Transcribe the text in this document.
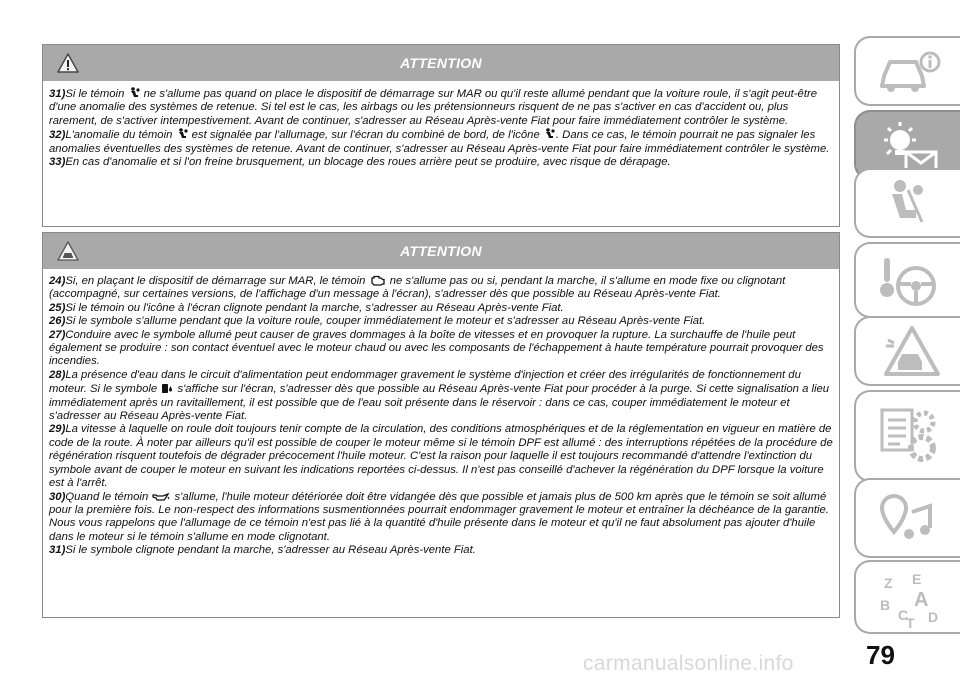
ATTENTION

31)Si le témoin  ne s'allume pas quand on place le dispositif de démarrage sur MAR ou qu'il reste allumé pendant que la voiture roule, il s'agit peut-être d'une anomalie des systèmes de retenue. Si tel est le cas, les airbags ou les prétensionneurs risquent de ne pas s'activer en cas d'accident ou, plus rarement, de s'activer intempestivement. Avant de continuer, s'adresser au Réseau Après-vente Fiat pour faire immédiatement contrôler le système.

32)L'anomalie du témoin  est signalée par l'allumage, sur l'écran du combiné de bord, de l'icône . Dans ce cas, le témoin pourrait ne pas signaler les anomalies éventuelles des systèmes de retenue. Avant de continuer, s'adresser au Réseau Après-vente Fiat pour faire immédiatement contrôler le système.

33)En cas d'anomalie et si l'on freine brusquement, un blocage des roues arrière peut se produire, avec risque de dérapage.

ATTENTION

24)Si, en plaçant le dispositif de démarrage sur MAR, le témoin  ne s'allume pas ou si, pendant la marche, il s'allume en mode fixe ou clignotant (accompagné, sur certaines versions, de l'affichage d'un message à l'écran), s'adresser dès que possible au Réseau Après-vente Fiat.

25)Si le témoin ou l'icône à l'écran clignote pendant la marche, s'adresser au Réseau Après-vente Fiat.

26)Si le symbole s'allume pendant que la voiture roule, couper immédiatement le moteur et s'adresser au Réseau Après-vente Fiat.

27)Conduire avec le symbole allumé peut causer de graves dommages à la boîte de vitesses et en provoquer la rupture. La surchauffe de l'huile peut également se produire : son contact éventuel avec le moteur chaud ou avec les composants de l'échappement à haute température pourrait provoquer des incendies.

28)La présence d'eau dans le circuit d'alimentation peut endommager gravement le système d'injection et créer des irrégularités de fonctionnement du moteur. Si le symbole  s'affiche sur l'écran, s'adresser dès que possible au Réseau Après-vente Fiat pour procéder à la purge. Si cette signalisation a lieu immédiatement après un ravitaillement, il est possible que de l'eau soit présente dans le réservoir : dans ce cas, couper immédiatement le moteur et s'adresser au Réseau Après-vente Fiat.

29)La vitesse à laquelle on roule doit toujours tenir compte de la circulation, des conditions atmosphériques et de la réglementation en vigueur en matière de code de la route. À noter par ailleurs qu'il est possible de couper le moteur même si le témoin DPF est allumé : des interruptions répétées de la procédure de régénération risquent toutefois de dégrader précocement l'huile moteur. C'est la raison pour laquelle il est toujours recommandé d'attendre l'extinction du symbole avant de couper le moteur en suivant les indications reportées ci-dessus. Il n'est pas conseillé d'achever la régénération du DPF lorsque la voiture est à l'arrêt.

30)Quand le témoin  s'allume, l'huile moteur détériorée doit être vidangée dès que possible et jamais plus de 500 km après que le témoin se soit allumé pour la première fois. Le non-respect des informations susmentionnées pourrait endommager gravement le moteur et entraîner la déchéance de la garantie. Nous vous rappelons que l'allumage de ce témoin n'est pas lié à la quantité d'huile présente dans le moteur et qu'il ne faut absolument pas ajouter d'huile dans le moteur si le témoin s'allume en mode clignotant.

31)Si le symbole clignote pendant la marche, s'adresser au Réseau Après-vente Fiat.

Z E
A
B
C D
T
79
carmanualsonline.info
